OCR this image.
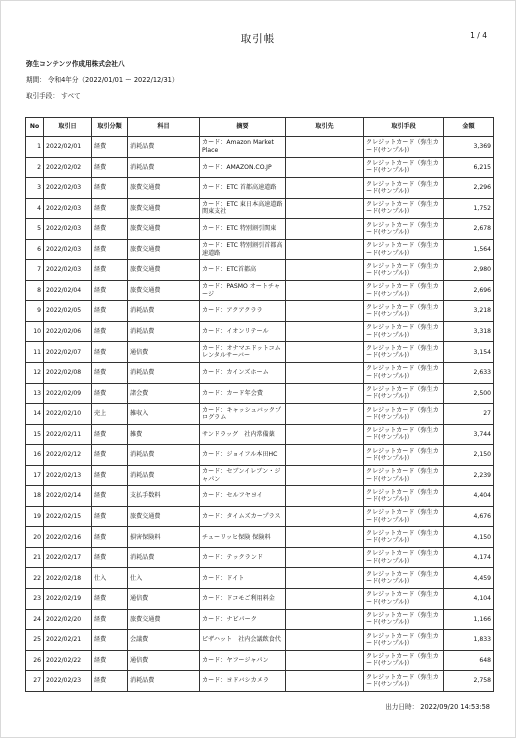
取引帳	1 / 4
弥生コンテンツ作成用株式会社八
期間： 令和4年分（2022/01/01 ー 2022/12/31）
取引手段： すべて
No	取引日	取引分類	科目	摘要	取引先	取引手段	金額
1	2022/02/01	経費	消耗品費	カード：Amazon Market Place		クレジットカード（弥生カード(サンプル)）	3,369
2	2022/02/02	経費	消耗品費	カード：AMAZON.CO.JP		クレジットカード（弥生カード(サンプル)）	6,215
3	2022/02/03	経費	旅費交通費	カード：ETC 首都高速道路		クレジットカード（弥生カード(サンプル)）	2,296
4	2022/02/03	経費	旅費交通費	カード：ETC 東日本高速道路 関東支社		クレジットカード（弥生カード(サンプル)）	1,752
5	2022/02/03	経費	旅費交通費	カード：ETC 特別割引関東		クレジットカード（弥生カード(サンプル)）	2,678
6	2022/02/03	経費	旅費交通費	カード：ETC 特別割引首都高速道路		クレジットカード（弥生カード(サンプル)）	1,564
7	2022/02/03	経費	旅費交通費	カード：ETC首都高		クレジットカード（弥生カード(サンプル)）	2,980
8	2022/02/04	経費	旅費交通費	カード：PASMO オートチャージ		クレジットカード（弥生カード(サンプル)）	2,696
9	2022/02/05	経費	消耗品費	カード：アクアクララ		クレジットカード（弥生カード(サンプル)）	3,218
10	2022/02/06	経費	消耗品費	カード：イオンリテール		クレジットカード（弥生カード(サンプル)）	3,318
11	2022/02/07	経費	通信費	カード：オナマエドットコムレンタルサーバー		クレジットカード（弥生カード(サンプル)）	3,154
12	2022/02/08	経費	消耗品費	カード：カインズホーム		クレジットカード（弥生カード(サンプル)）	2,633
13	2022/02/09	経費	諸会費	カード：カード年会費		クレジットカード（弥生カード(サンプル)）	2,500
14	2022/02/10	売上	雑収入	カード：キャッシュバックプログラム		クレジットカード（弥生カード(サンプル)）	27
15	2022/02/11	経費	雑費	サンドラッグ　社内常備薬		クレジットカード（弥生カード(サンプル)）	3,744
16	2022/02/12	経費	消耗品費	カード：ジョイフル本田HC		クレジットカード（弥生カード(サンプル)）	2,150
17	2022/02/13	経費	消耗品費	カード：セブンイレブン・ジャパン		クレジットカード（弥生カード(サンプル)）	2,239
18	2022/02/14	経費	支払手数料	カード：セルフヤヨイ		クレジットカード（弥生カード(サンプル)）	4,404
19	2022/02/15	経費	旅費交通費	カード：タイムズカープラス		クレジットカード（弥生カード(サンプル)）	4,676
20	2022/02/16	経費	損害保険料	チューリッヒ保険 保険料		クレジットカード（弥生カード(サンプル)）	4,150
21	2022/02/17	経費	消耗品費	カード：テックランド		クレジットカード（弥生カード(サンプル)）	4,174
22	2022/02/18	仕入	仕入	カード：ドイト		クレジットカード（弥生カード(サンプル)）	4,459
23	2022/02/19	経費	通信費	カード：ドコモご利用料金		クレジットカード（弥生カード(サンプル)）	4,104
24	2022/02/20	経費	旅費交通費	カード：ナビパーク		クレジットカード（弥生カード(サンプル)）	1,166
25	2022/02/21	経費	会議費	ピザハット　社内会議飲食代		クレジットカード（弥生カード(サンプル)）	1,833
26	2022/02/22	経費	通信費	カード：ヤフージャパン		クレジットカード（弥生カード(サンプル)）	648
27	2022/02/23	経費	消耗品費	カード：ヨドバシカメラ		クレジットカード（弥生カード(サンプル)）	2,758
出力日時： 2022/09/20 14:53:58
